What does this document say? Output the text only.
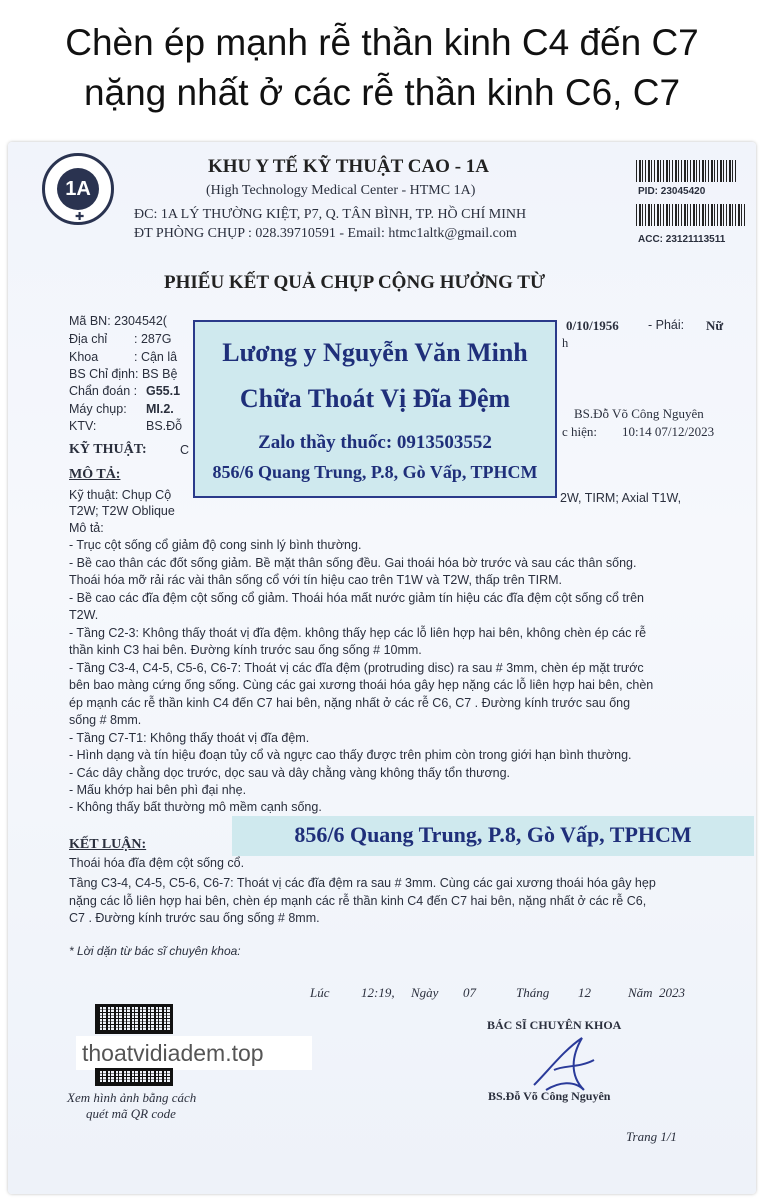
Chèn ép mạnh rễ thần kinh C4 đến C7
nặng nhất ở các rễ thần kinh C6, C7
1A
✚
KHU Y TẾ KỸ THUẬT CAO - 1A
(High Technology Medical Center - HTMC 1A)
ĐC: 1A LÝ THƯỜNG KIỆT, P7, Q. TÂN BÌNH, TP. HỒ CHÍ MINH
ĐT PHÒNG CHỤP : 028.39710591 - Email: htmc1altk@gmail.com
PID: 23045420
ACC: 23121113511
PHIẾU KẾT QUẢ CHỤP CỘNG HƯỞNG TỪ
Mã BN: 2304542(
Địa chỉ : 287G
Khoa	: Cận lâ
BS Chỉ định: BS Bệ
Chẩn đoán : G55.1
Máy chụp: MI.2.
KTV:	BS.Đỗ
0/10/1956 - Phái: Nữ
h
BS.Đỗ Võ Công Nguyên
c hiện: 10:14 07/12/2023
KỸ THUẬT:	C
MÔ TẢ:
Kỹ thuật: Chụp Cộ	2W, TIRM; Axial T1W,
T2W; T2W Oblique
Mô tả:
- Trục cột sống cổ giảm độ cong sinh lý bình thường.
- Bề cao thân các đốt sống giảm. Bề mặt thân sống đều. Gai thoái hóa bờ trước và sau các thân sống.
Thoái hóa mỡ rải rác vài thân sống cổ với tín hiệu cao trên T1W và T2W, thấp trên TIRM.
- Bề cao các đĩa đệm cột sống cổ giảm. Thoái hóa mất nước giảm tín hiệu các đĩa đệm cột sống cổ trên
T2W.
- Tầng C2-3: Không thấy thoát vị đĩa đệm. không thấy hẹp các lỗ liên hợp hai bên, không chèn ép các rễ
thần kinh C3 hai bên. Đường kính trước sau ống sống # 10mm.
- Tầng C3-4, C4-5, C5-6, C6-7: Thoát vị các đĩa đệm (protruding disc) ra sau # 3mm, chèn ép mặt trước
bên bao màng cứng ống sống. Cùng các gai xương thoái hóa gây hẹp nặng các lỗ liên hợp hai bên, chèn
ép mạnh các rễ thần kinh C4 đến C7 hai bên, nặng nhất ở các rễ C6, C7 . Đường kính trước sau ống
sống # 8mm.
- Tầng C7-T1: Không thấy thoát vị đĩa đệm.
- Hình dạng và tín hiệu đoạn tủy cổ và ngực cao thấy được trên phim còn trong giới hạn bình thường.
- Các dây chằng dọc trước, dọc sau và dây chằng vàng không thấy tổn thương.
- Mấu khớp hai bên phì đại nhẹ.
- Không thấy bất thường mô mềm cạnh sống.
KẾT LUẬN:
Thoái hóa đĩa đệm cột sống cổ.
Tầng C3-4, C4-5, C5-6, C6-7: Thoát vị các đĩa đệm ra sau # 3mm. Cùng các gai xương thoái hóa gây hẹp
nặng các lỗ liên hợp hai bên, chèn ép mạnh các rễ thần kinh C4 đến C7 hai bên, nặng nhất ở các rễ C6,
C7 . Đường kính trước sau ống sống # 8mm.
* Lời dặn từ bác sĩ chuyên khoa:
Lúc 12:19, Ngày 07	Tháng 12	Năm 2023
BÁC SĨ CHUYÊN KHOA
BS.Đỗ Võ Công Nguyên
Trang 1/1
thoatvidiadem.top
Xem hình ảnh bằng cách
quét mã QR code
Lương y Nguyễn Văn Minh
Chữa Thoát Vị Đĩa Đệm
Zalo thầy thuốc: 0913503552
856/6 Quang Trung, P.8, Gò Vấp, TPHCM
856/6 Quang Trung, P.8, Gò Vấp, TPHCM
